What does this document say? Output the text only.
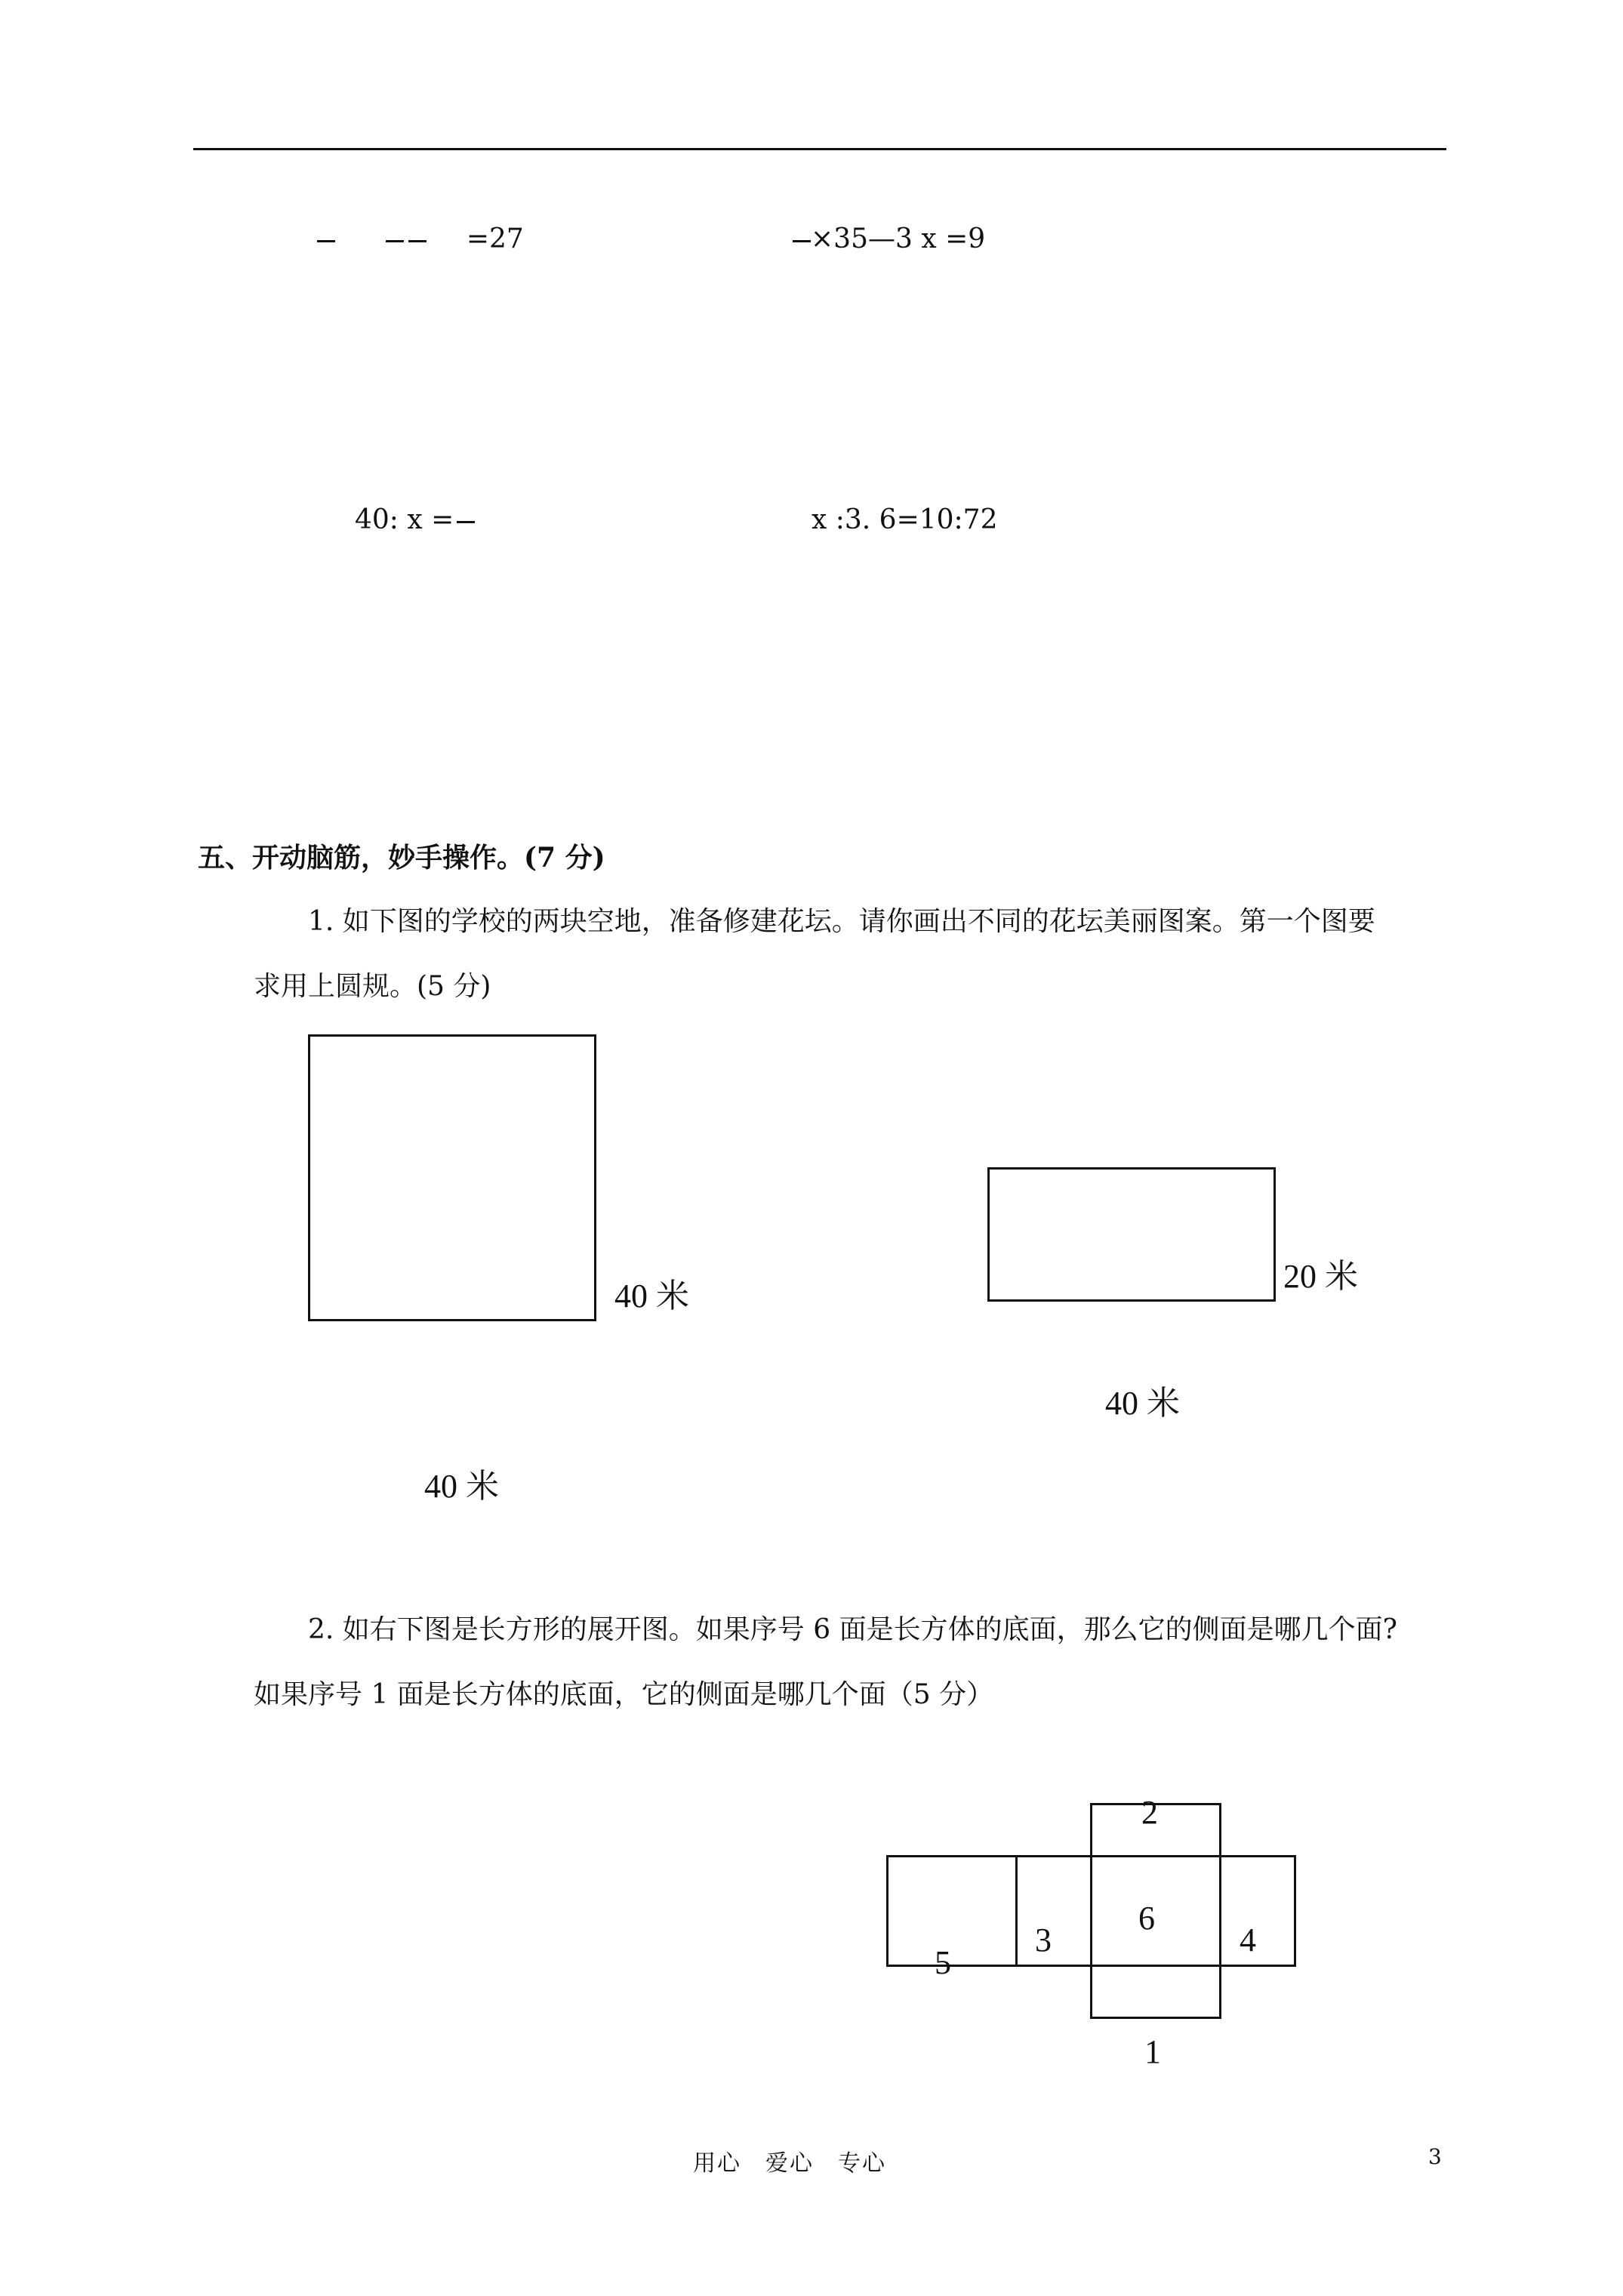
=27	×35—3 x =9
40: x =	x :3. 6=10:72
五、开动脑筋，妙手操作。(7 分)
1. 如下图的学校的两块空地，准备修建花坛。请你画出不同的花坛美丽图案。第一个图要
求用上圆规。(5 分)
40 米
40 米
20 米
40 米
2. 如右下图是长方形的展开图。如果序号 6 面是长方体的底面，那么它的侧面是哪几个面?
如果序号 1 面是长方体的底面，它的侧面是哪几个面（5 分）
2
6
3	4
5
1
用心　爱心　专心	3
